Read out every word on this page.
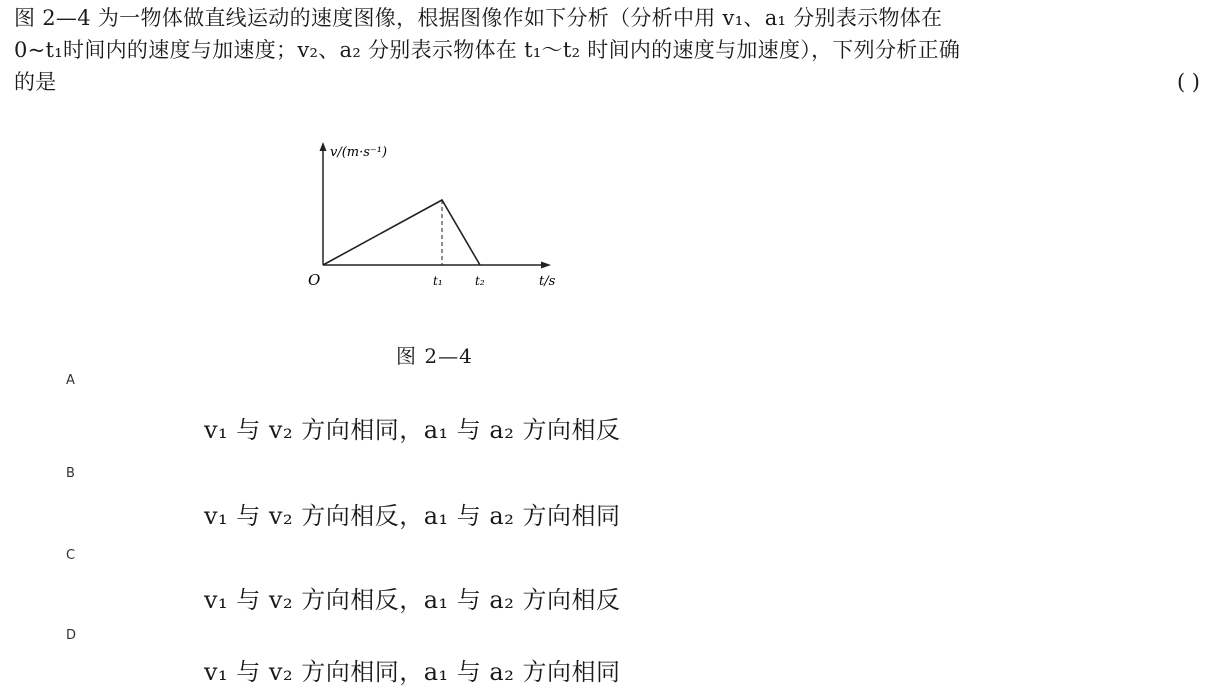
图 2—4 为一物体做直线运动的速度图像，根据图像作如下分析（分析中用 v₁、a₁ 分别表示物体在
0~t₁时间内的速度与加速度；v₂、a₂ 分别表示物体在 t₁～t₂ 时间内的速度与加速度），下列分析正确
的是	( )
v/(m·s⁻¹)
O	t₁	t₂	t/s
图 2—4
A
v₁ 与 v₂ 方向相同，a₁ 与 a₂ 方向相反
B
v₁ 与 v₂ 方向相反，a₁ 与 a₂ 方向相同
C
v₁ 与 v₂ 方向相反，a₁ 与 a₂ 方向相反
D
v₁ 与 v₂ 方向相同，a₁ 与 a₂ 方向相同
